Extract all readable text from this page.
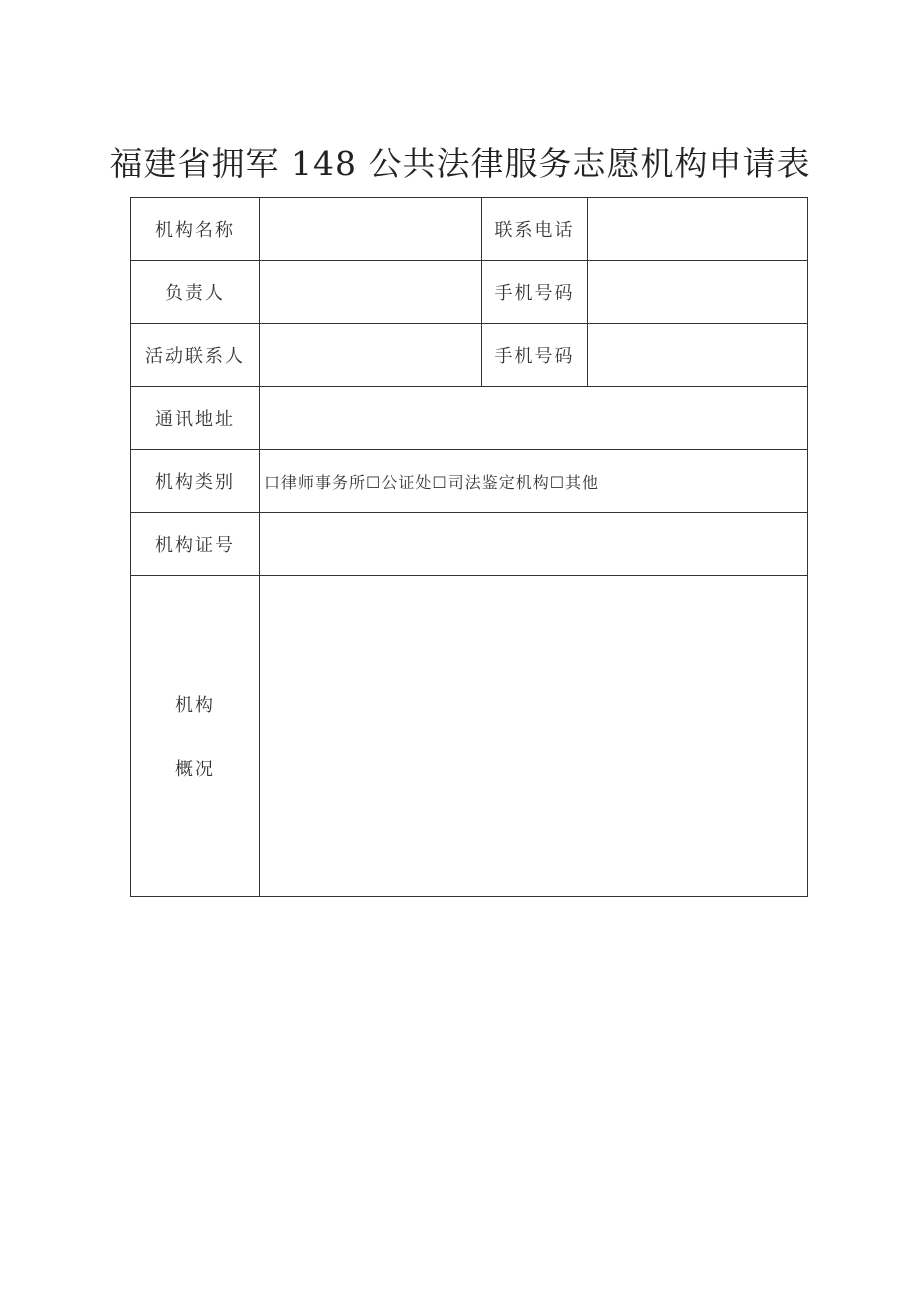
福建省拥军 148 公共法律服务志愿机构申请表
机构名称		联系电话	
负责人		手机号码	
活动联系人		手机号码	
通讯地址			
机构类别	口律师事务所☐公证处☐司法鉴定机构☐其他		
机构证号			

机构
概况			
